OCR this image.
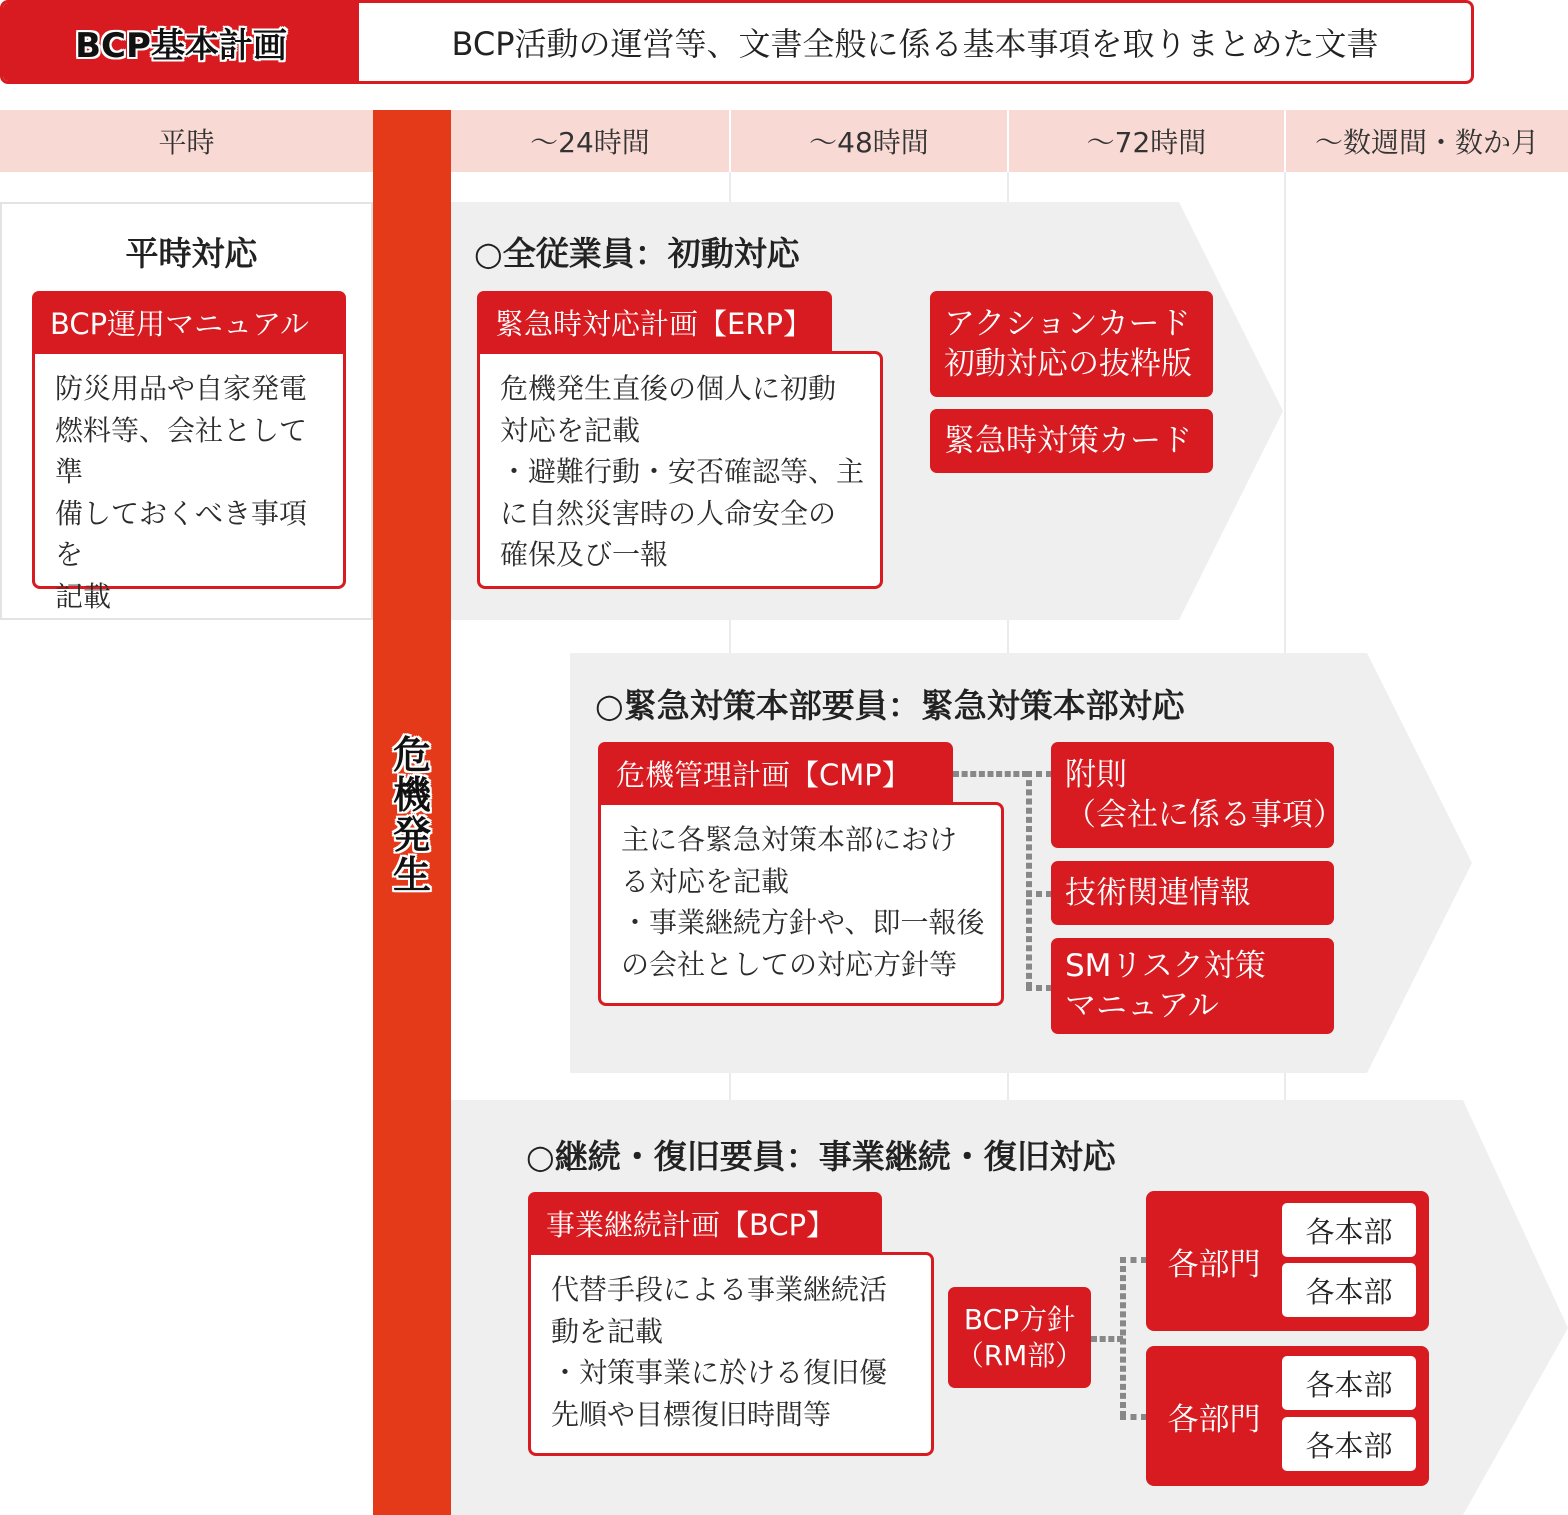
BCP基本計画	BCP活動の運営等、文書全般に係る基本事項を取りまとめた文書
平時	～24時間	～48時間	～72時間	～数週間・数か月
危
機
発
生
平時対応
BCP運用マニュアル
防災用品や自家発電
燃料等、会社として準
備しておくべき事項を
記載
○全従業員：初動対応
緊急時対応計画【ERP】
危機発生直後の個人に初動
対応を記載
・避難行動・安否確認等、主
に自然災害時の人命安全の
確保及び一報
アクションカード
初動対応の抜粋版
緊急時対策カード
○緊急対策本部要員：緊急対策本部対応
危機管理計画【CMP】
主に各緊急対策本部におけ
る対応を記載
・事業継続方針や、即一報後
の会社としての対応方針等
附則
（会社に係る事項）
技術関連情報
SMリスク対策
マニュアル
○継続・復旧要員：事業継続・復旧対応
事業継続計画【BCP】
代替手段による事業継続活
動を記載
・対策事業に於ける復旧優
先順や目標復旧時間等
BCP方針
（RM部）
各部門
各本部
各本部
各部門
各本部
各本部
